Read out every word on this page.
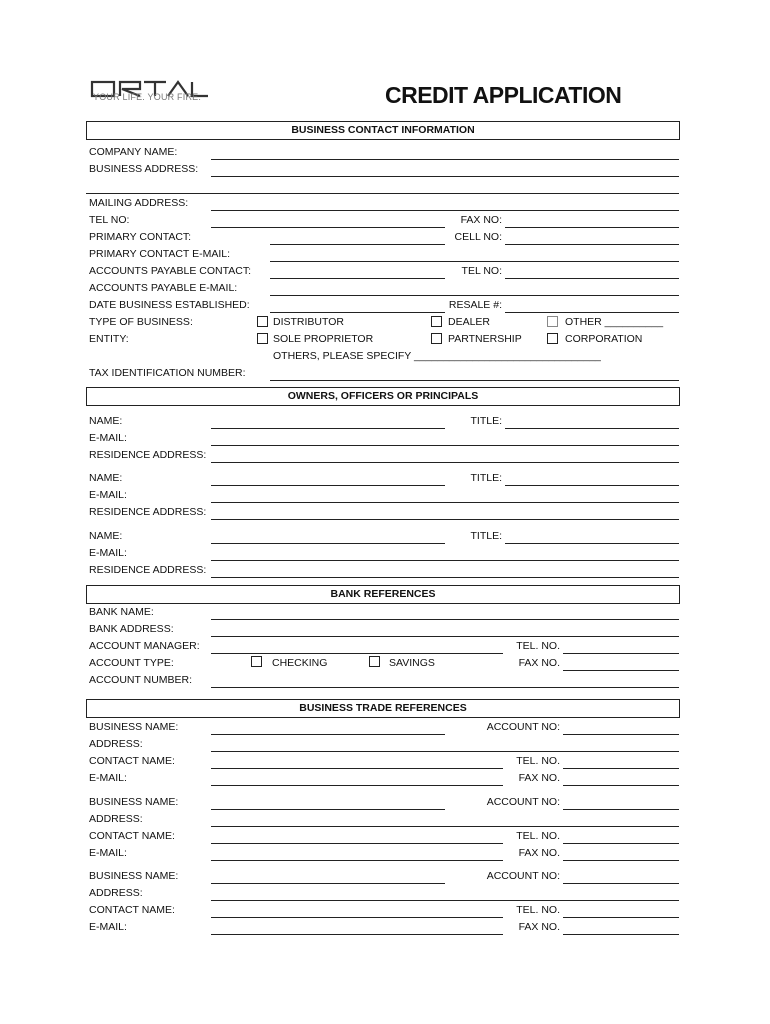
YOUR LIFE. YOUR FIRE.	CREDIT APPLICATION
BUSINESS CONTACT INFORMATION
COMPANY NAME:
BUSINESS ADDRESS:
MAILING ADDRESS:
TEL NO:	FAX NO:
PRIMARY CONTACT:	CELL NO:
PRIMARY CONTACT E-MAIL:
ACCOUNTS PAYABLE CONTACT:	TEL NO:
ACCOUNTS PAYABLE E-MAIL:
DATE BUSINESS ESTABLISHED:	RESALE #:
TYPE OF BUSINESS:	DISTRIBUTOR	DEALER	OTHER __________
ENTITY:	SOLE PROPRIETOR	PARTNERSHIP	CORPORATION
OTHERS, PLEASE SPECIFY ________________________________
TAX IDENTIFICATION NUMBER:
OWNERS, OFFICERS OR PRINCIPALS
NAME:	TITLE:
E-MAIL:
RESIDENCE ADDRESS:
NAME:	TITLE:
E-MAIL:
RESIDENCE ADDRESS:
NAME:	TITLE:
E-MAIL:
RESIDENCE ADDRESS:
BANK REFERENCES
BANK NAME:
BANK ADDRESS:
ACCOUNT MANAGER:	TEL. NO.
ACCOUNT TYPE:	CHECKING	SAVINGS	FAX NO.
ACCOUNT NUMBER:
BUSINESS TRADE REFERENCES
BUSINESS NAME:	ACCOUNT NO:
ADDRESS:
CONTACT NAME:	TEL. NO.
E-MAIL:	FAX NO.
BUSINESS NAME:	ACCOUNT NO:
ADDRESS:
CONTACT NAME:	TEL. NO.
E-MAIL:	FAX NO.
BUSINESS NAME:	ACCOUNT NO:
ADDRESS:
CONTACT NAME:	TEL. NO.
E-MAIL:	FAX NO.
